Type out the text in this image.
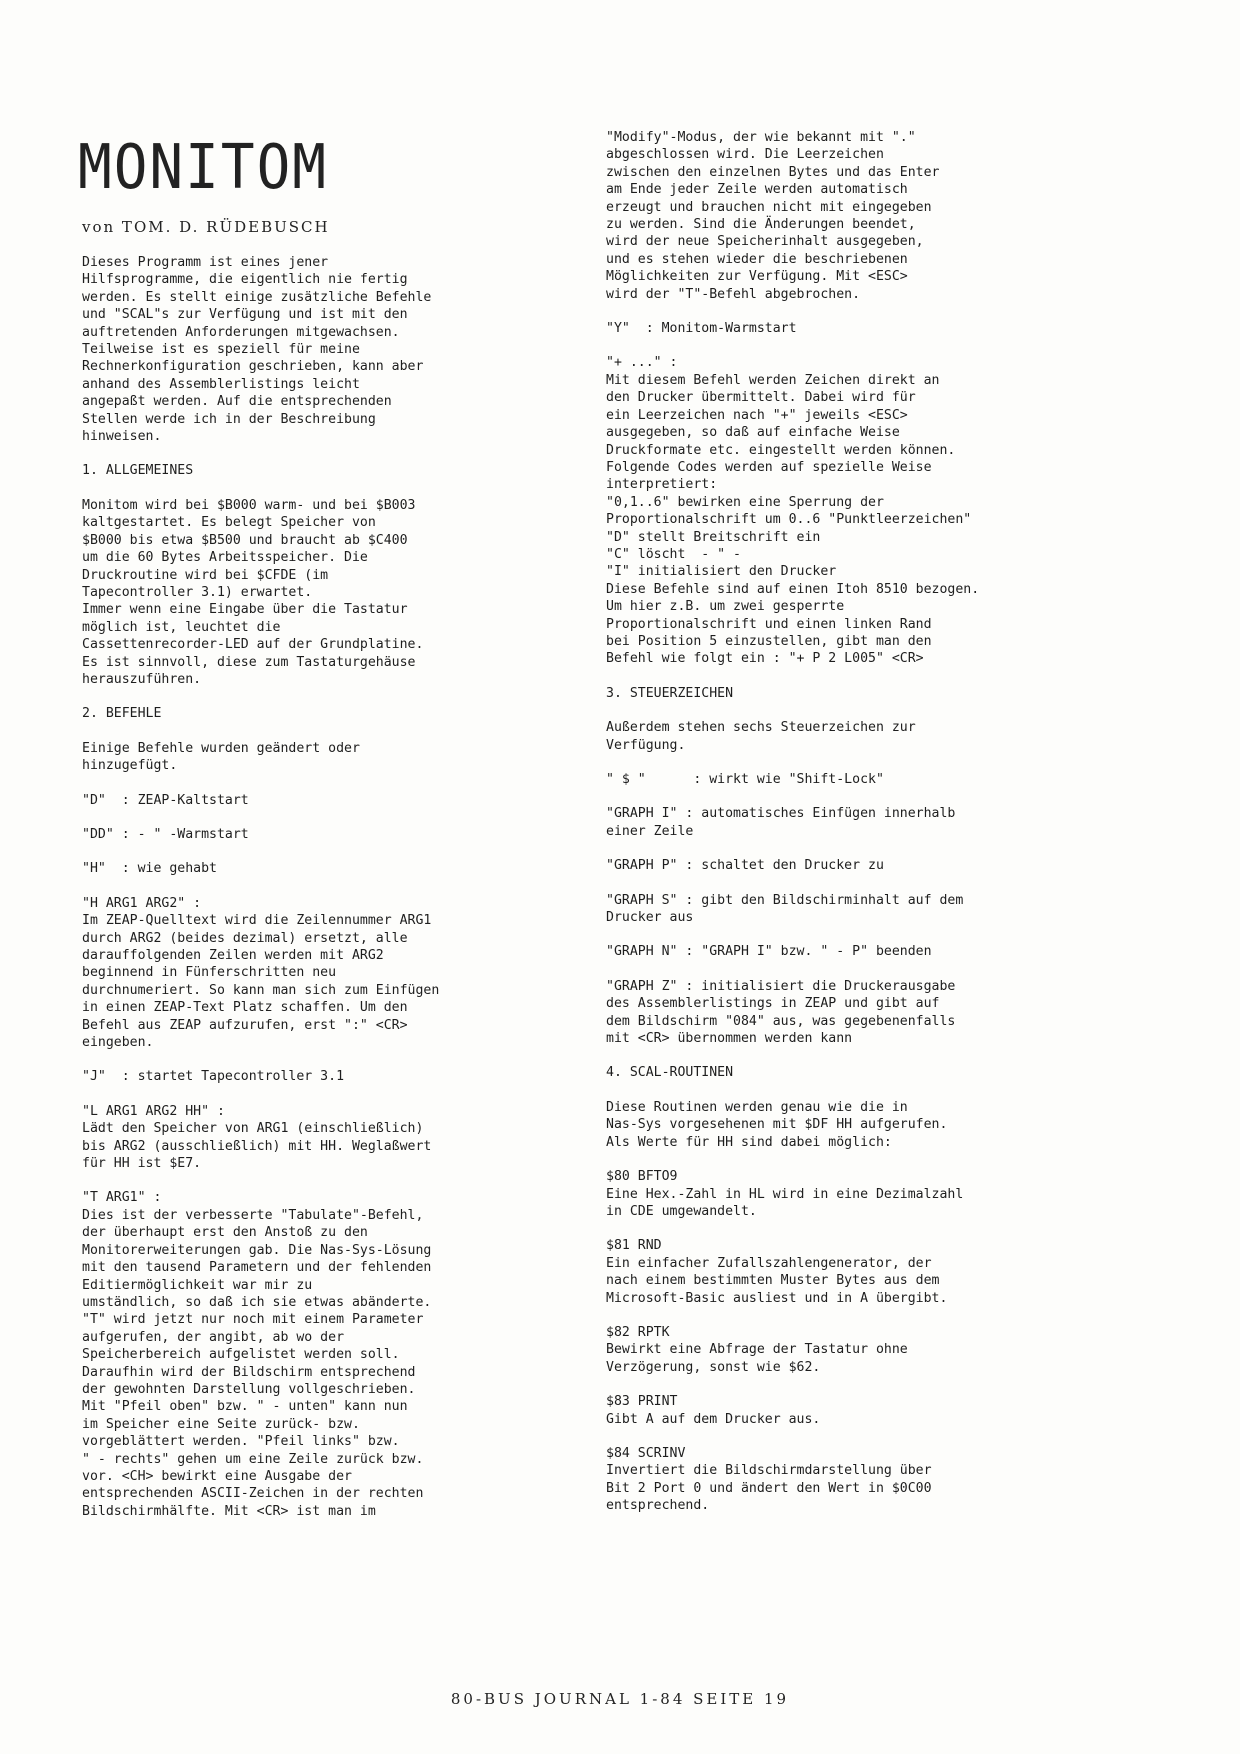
MONITOM
von TOM. D. RÜDEBUSCH

Dieses Programm ist eines jener
Hilfsprogramme, die eigentlich nie fertig
werden. Es stellt einige zusätzliche Befehle
und "SCAL"s zur Verfügung und ist mit den
auftretenden Anforderungen mitgewachsen.
Teilweise ist es speziell für meine
Rechnerkonfiguration geschrieben, kann aber
anhand des Assemblerlistings leicht
angepaßt werden. Auf die entsprechenden
Stellen werde ich in der Beschreibung
hinweisen.

1. ALLGEMEINES

Monitom wird bei $B000 warm- und bei $B003
kaltgestartet. Es belegt Speicher von
$B000 bis etwa $B500 und braucht ab $C400
um die 60 Bytes Arbeitsspeicher. Die
Druckroutine wird bei $CFDE (im
Tapecontroller 3.1) erwartet.
Immer wenn eine Eingabe über die Tastatur
möglich ist, leuchtet die
Cassettenrecorder-LED auf der Grundplatine.
Es ist sinnvoll, diese zum Tastaturgehäuse
herauszuführen.

2. BEFEHLE

Einige Befehle wurden geändert oder
hinzugefügt.

"D"  : ZEAP-Kaltstart

"DD" : - " -Warmstart

"H"  : wie gehabt

"H ARG1 ARG2" :
Im ZEAP-Quelltext wird die Zeilennummer ARG1
durch ARG2 (beides dezimal) ersetzt, alle
darauffolgenden Zeilen werden mit ARG2
beginnend in Fünferschritten neu
durchnumeriert. So kann man sich zum Einfügen
in einen ZEAP-Text Platz schaffen. Um den
Befehl aus ZEAP aufzurufen, erst ":" <CR>
eingeben.

"J"  : startet Tapecontroller 3.1

"L ARG1 ARG2 HH" :
Lädt den Speicher von ARG1 (einschließlich)
bis ARG2 (ausschließlich) mit HH. Weglaßwert
für HH ist $E7.

"T ARG1" :
Dies ist der verbesserte "Tabulate"-Befehl,
der überhaupt erst den Anstoß zu den
Monitorerweiterungen gab. Die Nas-Sys-Lösung
mit den tausend Parametern und der fehlenden
Editiermöglichkeit war mir zu
umständlich, so daß ich sie etwas abänderte.
"T" wird jetzt nur noch mit einem Parameter
aufgerufen, der angibt, ab wo der
Speicherbereich aufgelistet werden soll.
Daraufhin wird der Bildschirm entsprechend
der gewohnten Darstellung vollgeschrieben.
Mit "Pfeil oben" bzw. " - unten" kann nun
im Speicher eine Seite zurück- bzw.
vorgeblättert werden. "Pfeil links" bzw.
" - rechts" gehen um eine Zeile zurück bzw.
vor. <CH> bewirkt eine Ausgabe der
entsprechenden ASCII-Zeichen in der rechten
Bildschirmhälfte. Mit <CR> ist man im

"Modify"-Modus, der wie bekannt mit "."
abgeschlossen wird. Die Leerzeichen
zwischen den einzelnen Bytes und das Enter
am Ende jeder Zeile werden automatisch
erzeugt und brauchen nicht mit eingegeben
zu werden. Sind die Änderungen beendet,
wird der neue Speicherinhalt ausgegeben,
und es stehen wieder die beschriebenen
Möglichkeiten zur Verfügung. Mit <ESC>
wird der "T"-Befehl abgebrochen.

"Y"  : Monitom-Warmstart

"+ ..." :
Mit diesem Befehl werden Zeichen direkt an
den Drucker übermittelt. Dabei wird für
ein Leerzeichen nach "+" jeweils <ESC>
ausgegeben, so daß auf einfache Weise
Druckformate etc. eingestellt werden können.
Folgende Codes werden auf spezielle Weise
interpretiert:
"0,1..6" bewirken eine Sperrung der
Proportionalschrift um 0..6 "Punktleerzeichen"
"D" stellt Breitschrift ein
"C" löscht  - " -
"I" initialisiert den Drucker
Diese Befehle sind auf einen Itoh 8510 bezogen.
Um hier z.B. um zwei gesperrte
Proportionalschrift und einen linken Rand
bei Position 5 einzustellen, gibt man den
Befehl wie folgt ein : "+ P 2 L005" <CR>

3. STEUERZEICHEN

Außerdem stehen sechs Steuerzeichen zur
Verfügung.

" $ "      : wirkt wie "Shift-Lock"

"GRAPH I" : automatisches Einfügen innerhalb
einer Zeile

"GRAPH P" : schaltet den Drucker zu

"GRAPH S" : gibt den Bildschirminhalt auf dem
Drucker aus

"GRAPH N" : "GRAPH I" bzw. " - P" beenden

"GRAPH Z" : initialisiert die Druckerausgabe
des Assemblerlistings in ZEAP und gibt auf
dem Bildschirm "084" aus, was gegebenenfalls
mit <CR> übernommen werden kann

4. SCAL-ROUTINEN

Diese Routinen werden genau wie die in
Nas-Sys vorgesehenen mit $DF HH aufgerufen.
Als Werte für HH sind dabei möglich:

$80 BFTO9
Eine Hex.-Zahl in HL wird in eine Dezimalzahl
in CDE umgewandelt.

$81 RND
Ein einfacher Zufallszahlengenerator, der
nach einem bestimmten Muster Bytes aus dem
Microsoft-Basic ausliest und in A übergibt.

$82 RPTK
Bewirkt eine Abfrage der Tastatur ohne
Verzögerung, sonst wie $62.

$83 PRINT
Gibt A auf dem Drucker aus.

$84 SCRINV
Invertiert die Bildschirmdarstellung über
Bit 2 Port 0 und ändert den Wert in $0C00
entsprechend.

80-BUS JOURNAL 1-84 SEITE 19
